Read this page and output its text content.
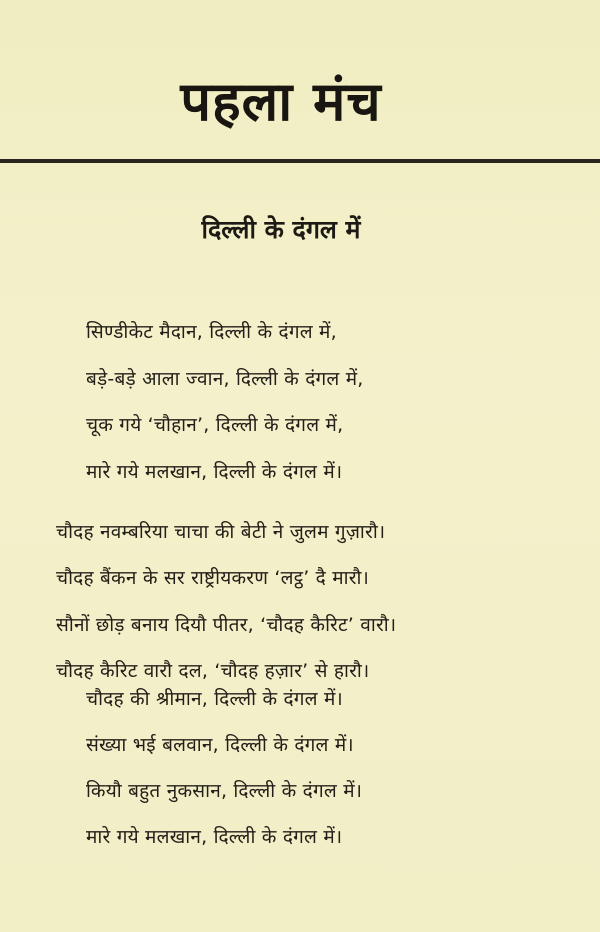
पहला मंच
दिल्ली के दंगल में
सिण्डीकेट मैदान, दिल्ली के दंगल में,
बड़े-बड़े आला ज्वान, दिल्ली के दंगल में,
चूक गये ‘चौहान’, दिल्ली के दंगल में,
मारे गये मलखान, दिल्ली के दंगल में।
चौदह नवम्बरिया चाचा की बेटी ने जुलम गुज़ारौ।
चौदह बैंकन के सर राष्ट्रीयकरण ‘लट्ठ’ दै मारौ।
सौनों छोड़ बनाय दियौ पीतर, ‘चौदह कैरिट’ वारौ।
चौदह कैरिट वारौ दल, ‘चौदह हज़ार’ से हारौ।
चौदह की श्रीमान, दिल्ली के दंगल में।
संख्या भई बलवान, दिल्ली के दंगल में।
कियौ बहुत नुकसान, दिल्ली के दंगल में।
मारे गये मलखान, दिल्ली के दंगल में।
